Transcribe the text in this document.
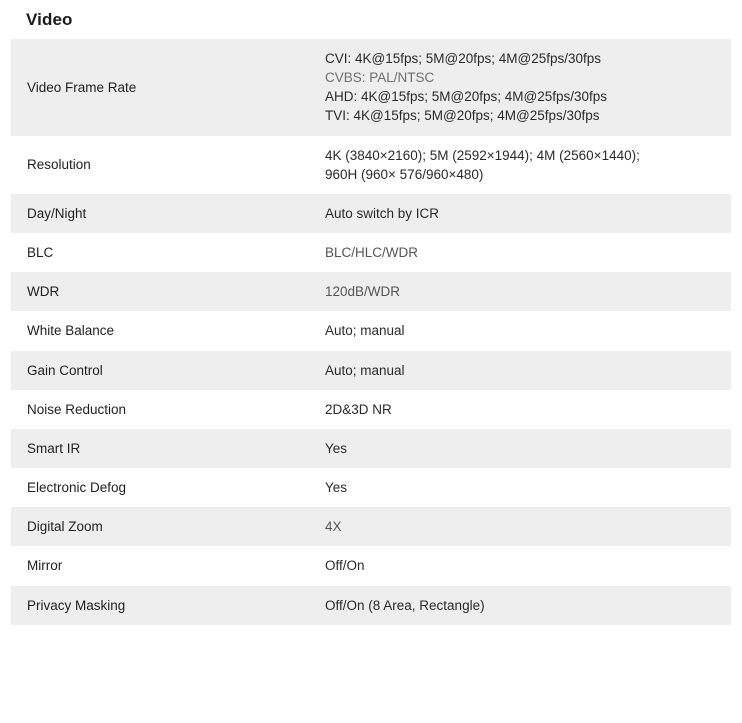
Video
Video Frame Rate	CVI: 4K@15fps; 5M@20fps; 4M@25fps/30fps
CVBS: PAL/NTSC
AHD: 4K@15fps; 5M@20fps; 4M@25fps/30fps
TVI: 4K@15fps; 5M@20fps; 4M@25fps/30fps

Resolution	4K (3840×2160); 5M (2592×1944); 4M (2560×1440);
960H (960× 576/960×480)

Day/Night	Auto switch by ICR

BLC	BLC/HLC/WDR

WDR	120dB/WDR

White Balance	Auto; manual

Gain Control	Auto; manual

Noise Reduction	2D&3D NR

Smart IR	Yes

Electronic Defog	Yes

Digital Zoom	4X

Mirror	Off/On

Privacy Masking	Off/On (8 Area, Rectangle)
